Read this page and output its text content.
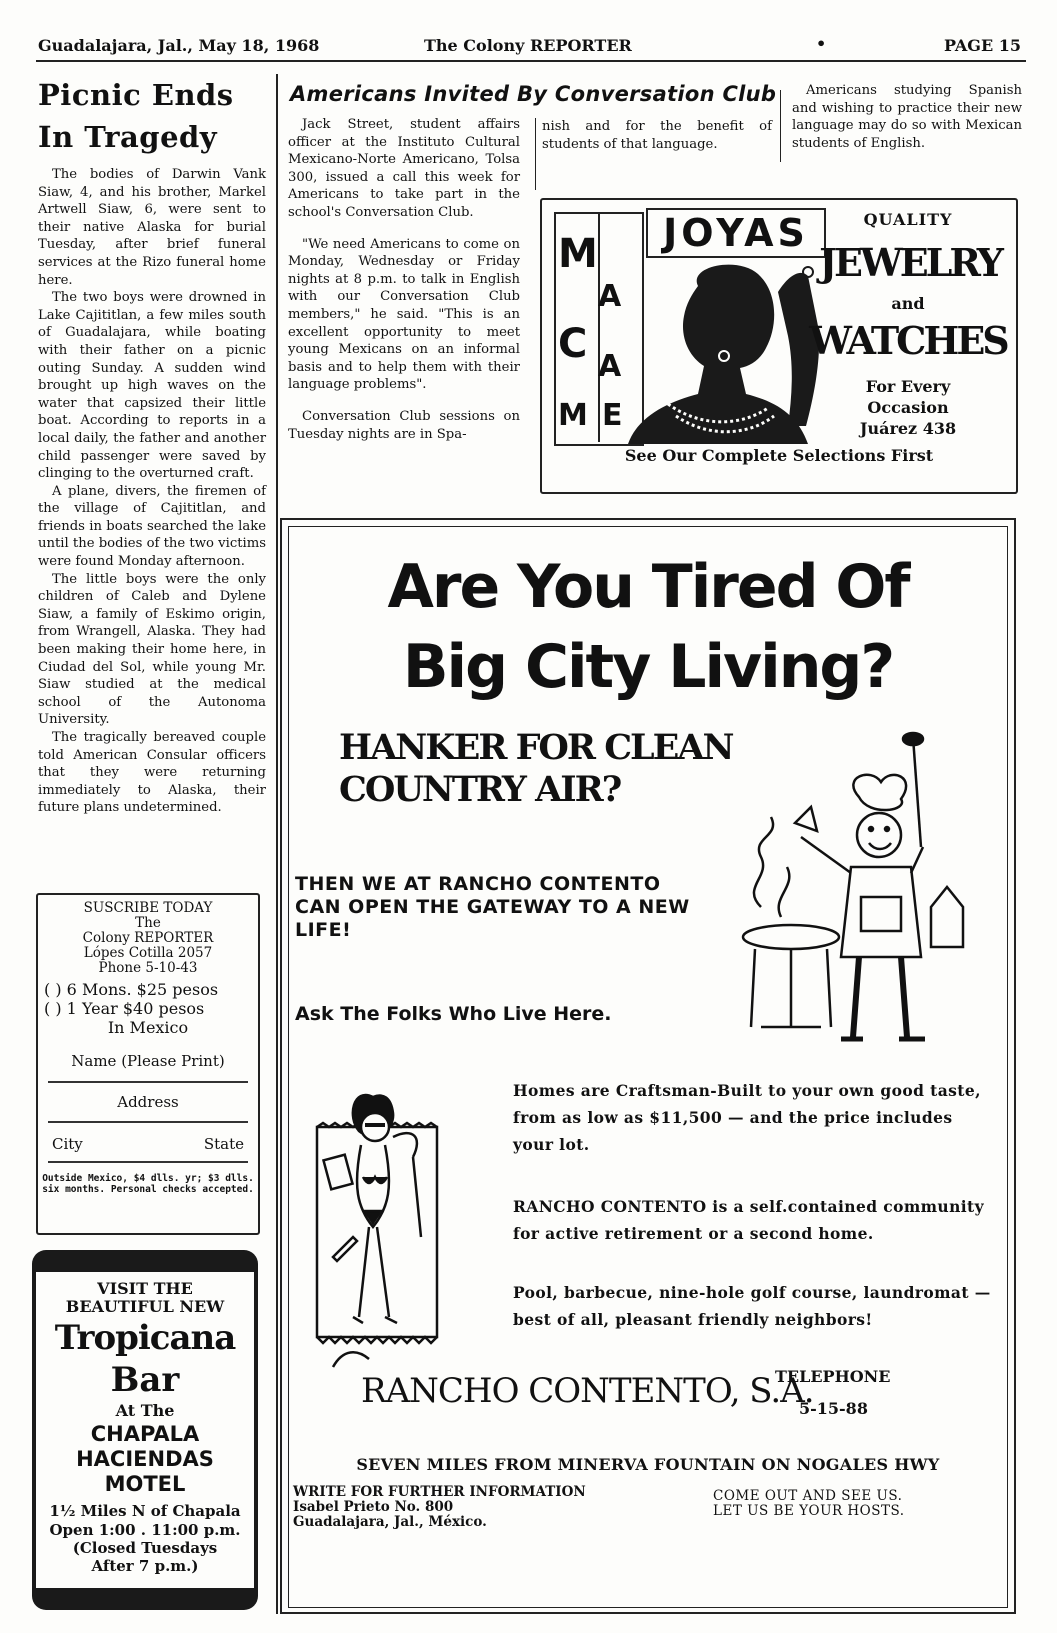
Guadalajara, Jal., May 18, 1968	The Colony REPORTER	•	PAGE 15
Picnic Ends
In Tragedy

The bodies of Darwin Vank Siaw, 4, and his brother, Markel Artwell Siaw, 6, were sent to their native Alaska for burial Tuesday, after brief funeral services at the Rizo funeral home here.

The two boys were drowned in Lake Cajititlan, a few miles south of Guadalajara, while boating with their father on a picnic outing Sunday. A sudden wind brought up high waves on the water that capsized their little boat. According to reports in a local daily, the father and another child passenger were saved by clinging to the overturned craft.

A plane, divers, the firemen of the village of Cajititlan, and friends in boats searched the lake until the bodies of the two victims were found Monday afternoon.

The little boys were the only children of Caleb and Dylene Siaw, a family of Eskimo origin, from Wrangell, Alaska. They had been making their home here, in Ciudad del Sol, while young Mr. Siaw studied at the medical school of the Autonoma University.

The tragically bereaved couple told American Consular officers that they were returning immediately to Alaska, their future plans undetermined.

SUSCRIBE TODAY
The
Colony REPORTER
Lópes Cotilla 2057
Phone 5-10-43
( ) 6 Mons. $25 pesos
( ) 1 Year $40 pesos
In Mexico
Name (Please Print)
Address
City	State
Outside Mexico, $4 dlls. yr; $3 dlls. six months. Personal checks accepted.
VISIT THE
BEAUTIFUL NEW
Tropicana
Bar
At The
CHAPALA
HACIENDAS
MOTEL
1½ Miles N of Chapala
Open 1:00 . 11:00 p.m.
(Closed Tuesdays
After 7 p.m.)
Americans Invited By Conversation Club

Jack Street, student affairs officer at the Instituto Cultural Mexicano-Norte Americano, Tolsa 300, issued a call this week for Americans to take part in the school's Conversation Club.

"We need Americans to come on Monday, Wednesday or Friday nights at 8 p.m. to talk in English with our Conversation Club members," he said. "This is an excellent opportunity to meet young Mexicans on an informal basis and to help them with their language problems".

Conversation Club sessions on Tuesday nights are in Spa-

nish and for the benefit of students of that language.

Americans studying Spanish and wishing to practice their new language may do so with Mexican students of English.

M
A
C A
M E
JOYAS	QUALITY
JEWELRY
and
WATCHES
For Every
Occasion
Juárez 438
See Our Complete Selections First
Are You Tired Of
Big City Living?
HANKER FOR CLEAN
COUNTRY AIR?
THEN WE AT RANCHO CONTENTO CAN OPEN THE GATEWAY TO A NEW LIFE!
Ask The Folks Who Live Here.
Homes are Craftsman-Built to your own good taste, from as low as $11,500 — and the price includes your lot.
RANCHO CONTENTO is a self.contained community for active retirement or a second home.
Pool, barbecue, nine-hole golf course, laundromat — best of all, pleasant friendly neighbors!
RANCHO CONTENTO, S.A.
TELEPHONE
5-15-88
SEVEN MILES FROM MINERVA FOUNTAIN ON NOGALES HWY
WRITE FOR FURTHER INFORMATION
Isabel Prieto No. 800
Guadalajara, Jal., México.
COME OUT AND SEE US.
LET US BE YOUR HOSTS.
